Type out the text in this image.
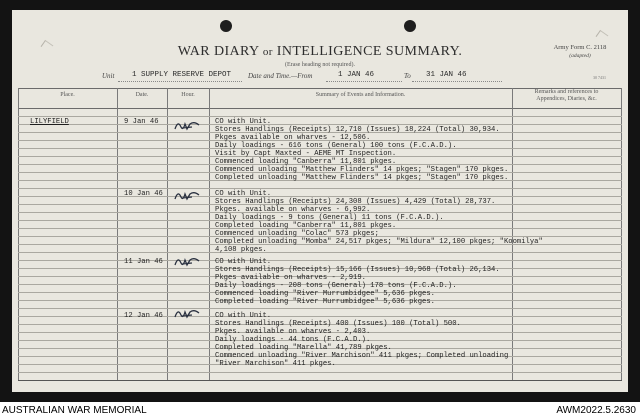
WAR DIARY or INTELLIGENCE SUMMARY.
(Erase heading not required).
Army Form C. 2118
(adapted)
30 7431
Unit	1 SUPPLY RESERVE DEPOT	Date and Time.—From	1 JAN 46	To	31 JAN 46
Place.	Date.	Hour.	Summary of Events and Information.	Remarks and references to
Appendices, Diaries, &c.
LILYFIELD	9 Jan 46	CO with Unit.
Stores Handlings (Receipts) 12,710 (Issues) 18,224 (Total) 30,934.
Pkges available on wharves - 12,506.
Daily loadings - 616 tons (General) 100 tons (F.C.A.D.).
Visit by Capt Maxted - AEME MT Inspection.
Commenced loading "Canberra" 11,801 pkges.
Commenced unloading "Matthew Flinders" 14 pkges; "Stagen" 170 pkges.
Completed unloading "Matthew Flinders" 14 pkges; "Stagen" 170 pkges.
10 Jan 46	CO with Unit.
Stores Handlings (Receipts) 24,308 (Issues) 4,429 (Total) 28,737.
Pkges. available on wharves - 6,992.
Daily loadings - 9 tons (General) 11 tons (F.C.A.D.).
Completed loading "Canberra" 11,801 pkges.
Commenced unloading "Colac" 573 pkges;
Completed unloading "Momba" 24,517 pkges; "Mildura" 12,100 pkges; "Koomilya"
4,108 pkges.
11 Jan 46	CO with Unit.
Stores Handlings (Receipts) 15,166 (Issues) 10,968 (Total) 26,134.
Pkges available on wharves - 2,919.
Daily loadings - 208 tons (General) 178 tons (F.C.A.D.).
Commenced loading "River Murrumbidgee" 5,636 pkges.
Completed loading "River Murrumbidgee" 5,636 pkges.
12 Jan 46	CO with Unit.
Stores Handlings (Receipts) 400 (Issues) 100 (Total) 500.
Pkges. available on wharves - 2,403.
Daily loadings - 44 tons (F.C.A.D.).
Completed loading "Marella" 41,789 pkges.
Commenced unloading "River Marchison" 411 pkges; Completed unloading
"River Marchison" 411 pkges.
AUSTRALIAN WAR MEMORIAL	AWM2022.5.2630
